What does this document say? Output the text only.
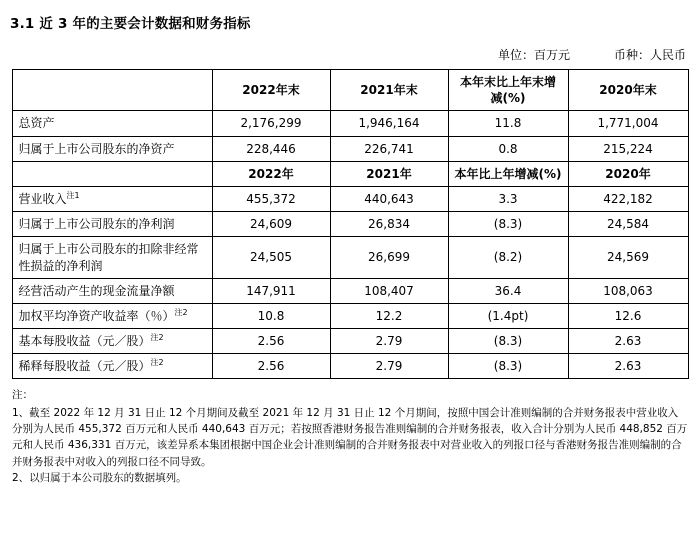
3.1 近 3 年的主要会计数据和财务指标
单位：百万元	币种：人民币
	2022年末	2021年末	本年末比上年末增减(%)	2020年末
总资产	2,176,299	1,946,164	11.8	1,771,004
归属于上市公司股东的净资产	228,446	226,741	0.8	215,224
	2022年	2021年	本年比上年增减(%)	2020年
营业收入$^{注1}$	455,372	440,643	3.3	422,182
归属于上市公司股东的净利润	24,609	26,834	(8.3)	24,584
归属于上市公司股东的扣除非经常性损益的净利润	24,505	26,699	(8.2)	24,569
经营活动产生的现金流量净额	147,911	108,407	36.4	108,063
加权平均净资产收益率（％）$^{注2}$	10.8	12.2	(1.4pt)	12.6
基本每股收益（元／股）$^{注2}$	2.56	2.79	(8.3)	2.63
稀释每股收益（元／股）$^{注2}$	2.56	2.79	(8.3)	2.63
注：
1、截至 2022 年 12 月 31 日止 12 个月期间及截至 2021 年 12 月 31 日止 12 个月期间，按照中国会计准则编制的合并财务报表中营业收入分别为人民币 455,372 百万元和人民币 440,643 百万元；若按照香港财务报告准则编制的合并财务报表，收入合计分别为人民币 448,852 百万元和人民币 436,331 百万元，该差异系本集团根据中国企业会计准则编制的合并财务报表中对营业收入的列报口径与香港财务报告准则编制的合并财务报表中对收入的列报口径不同导致。
2、以归属于本公司股东的数据填列。
